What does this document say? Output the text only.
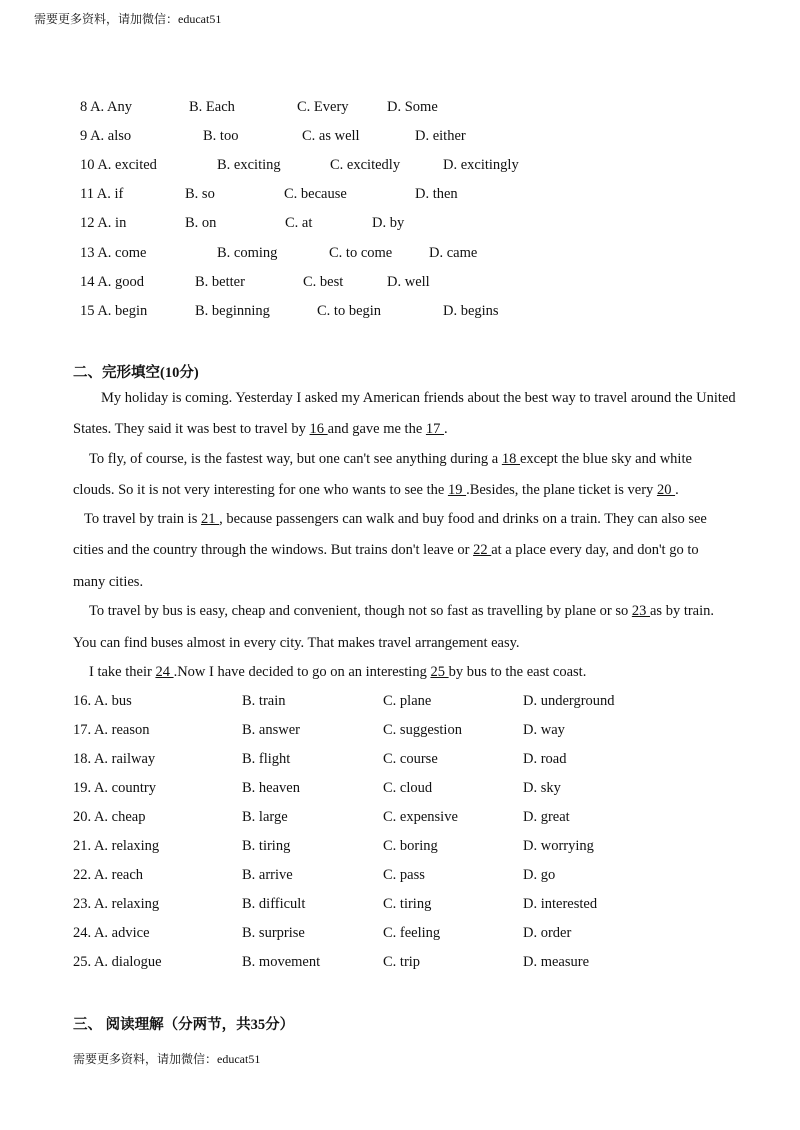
需要更多资料，请加微信：educat51
8 A. Any	B. Each	C. Every	D. Some
9 A. also	B. too	C. as well	D. either
10 A. excited	B. exciting	C. excitedly	D. excitingly
11 A. if	B. so	C. because	D. then
12 A. in	B. on	C. at	D. by
13 A. come	B. coming	C. to come	D. came
14 A. good	B. better	C. best	D. well
15 A. begin	B. beginning	C. to begin	D. begins
二、完形填空(10分)
My holiday is coming. Yesterday I asked my American friends about the best way to travel around the United
States. They said it was best to travel by 16 and gave me the 17 .
To fly, of course, is the fastest way, but one can't see anything during a 18 except the blue sky and white
clouds. So it is not very interesting for one who wants to see the 19 .Besides, the plane ticket is very 20 .
To travel by train is 21 , because passengers can walk and buy food and drinks on a train. They can also see
cities and the country through the windows. But trains don't leave or 22 at a place every day, and don't go to
many cities.
To travel by bus is easy, cheap and convenient, though not so fast as travelling by plane or so 23 as by train.
You can find buses almost in every city. That makes travel arrangement easy.
I take their 24 .Now I have decided to go on an interesting 25 by bus to the east coast.
16. A. bus	B. train	C. plane	D. underground
17. A. reason	B. answer	C. suggestion	D. way
18. A. railway	B. flight	C. course	D. road
19. A. country	B. heaven	C. cloud	D. sky
20. A. cheap	B. large	C. expensive	D. great
21. A. relaxing	B. tiring	C. boring	D. worrying
22. A. reach	B. arrive	C. pass	D. go
23. A. relaxing	B. difficult	C. tiring	D. interested
24. A. advice	B. surprise	C. feeling	D. order
25. A. dialogue	B. movement	C. trip	D. measure
三、 阅读理解（分两节，共35分）
需要更多资料，请加微信：educat51
